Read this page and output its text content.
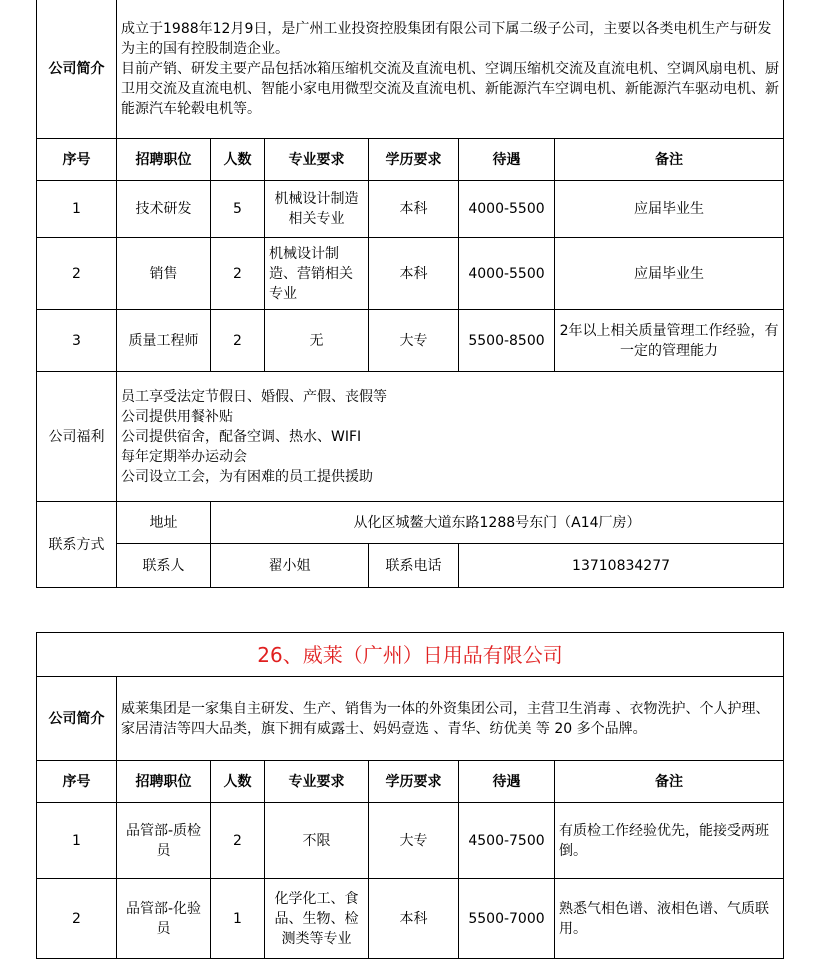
公司简介	成立于1988年12月9日，是广州工业投资控股集团有限公司下属二级子公司，主要以各类电机生产与研发为主的国有控股制造企业。
目前产销、研发主要产品包括冰箱压缩机交流及直流电机、空调压缩机交流及直流电机、空调风扇电机、厨卫用交流及直流电机、智能小家电用微型交流及直流电机、新能源汽车空调电机、新能源汽车驱动电机、新能源汽车轮毂电机等。					

序号	招聘职位	人数	专业要求	学历要求	待遇	备注
1	技术研发	5	机械设计制造相关专业	本科	4000-5500	应届毕业生
2	销售	2	机械设计制造、营销相关专业	本科	4000-5500	应届毕业生
3	质量工程师	2	无	大专	5500-8500	2年以上相关质量管理工作经验，有一定的管理能力
公司福利	员工享受法定节假日、婚假、产假、丧假等
公司提供用餐补贴
公司提供宿舍，配备空调、热水、WIFI
每年定期举办运动会
公司设立工会，为有困难的员工提供援助					

联系方式	地址	从化区城鳌大道东路1288号东门（A14厂房）				
	联系人	翟小姐		联系电话	13710834277	
26、威莱（广州）日用品有限公司						
公司简介	威莱集团是一家集自主研发、生产、销售为一体的外资集团公司，主营卫生消毒 、衣物洗护、个人护理、家居清洁等四大品类，旗下拥有威露士、妈妈壹选 、青华、纺优美 等 20 多个品牌。					
序号	招聘职位	人数	专业要求	学历要求	待遇	备注
1	品管部-质检员	2	不限	大专	4500-7500	有质检工作经验优先，能接受两班倒。
2	品管部-化验员	1	化学化工、食品、生物、检测类等专业	本科	5500-7000	熟悉气相色谱、液相色谱、气质联用。
